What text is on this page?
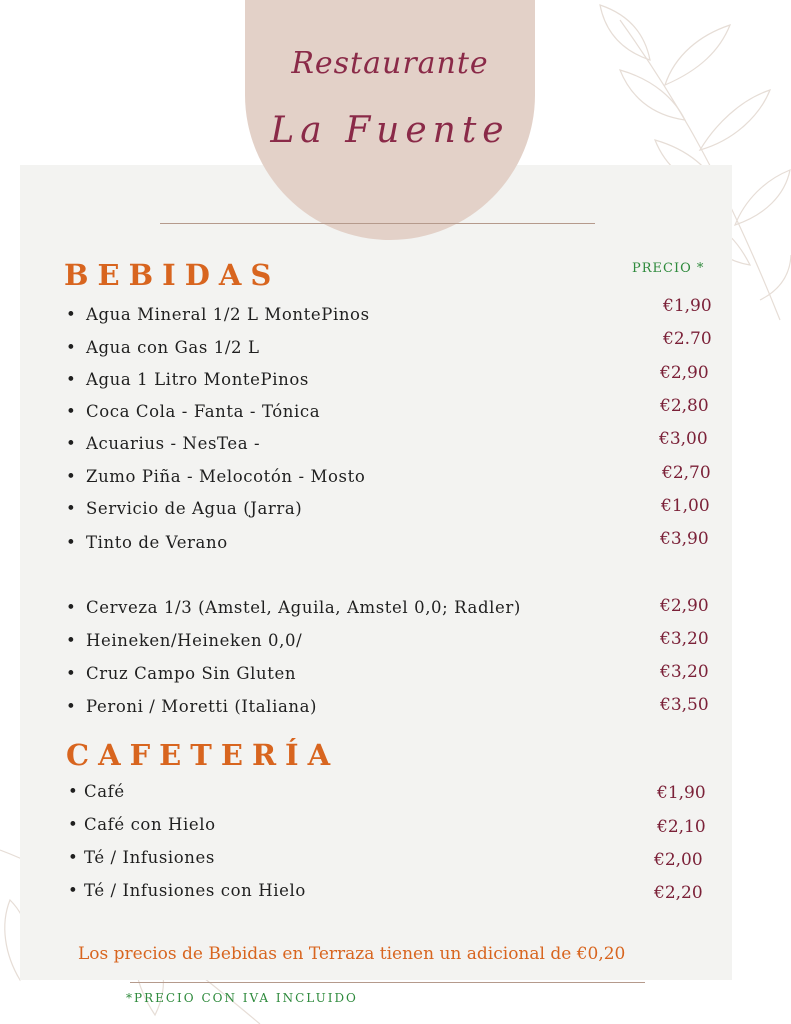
Restaurante
La Fuente
BEBIDAS	PRECIO *
• Agua Mineral 1/2 L MontePinos	€1,90
• Agua con Gas 1/2 L	€2.70
• Agua 1 Litro MontePinos	€2,90
• Coca Cola - Fanta - Tónica	€2,80
• Acuarius - NesTea -	€3,00
• Zumo Piña - Melocotón - Mosto	€2,70
• Servicio de Agua (Jarra)	€1,00
• Tinto de Verano	€3,90
• Cerveza 1/3 (Amstel, Aguila, Amstel 0,0; Radler)	€2,90
• Heineken/Heineken 0,0/	€3,20
• Cruz Campo Sin Gluten	€3,20
• Peroni / Moretti (Italiana)	€3,50
CAFETERÍA
• Café	€1,90
• Café con Hielo	€2,10
• Té / Infusiones	€2,00
• Té / Infusiones con Hielo	€2,20
Los precios de Bebidas en Terraza tienen un adicional de €0,20
*PRECIO CON IVA INCLUIDO
